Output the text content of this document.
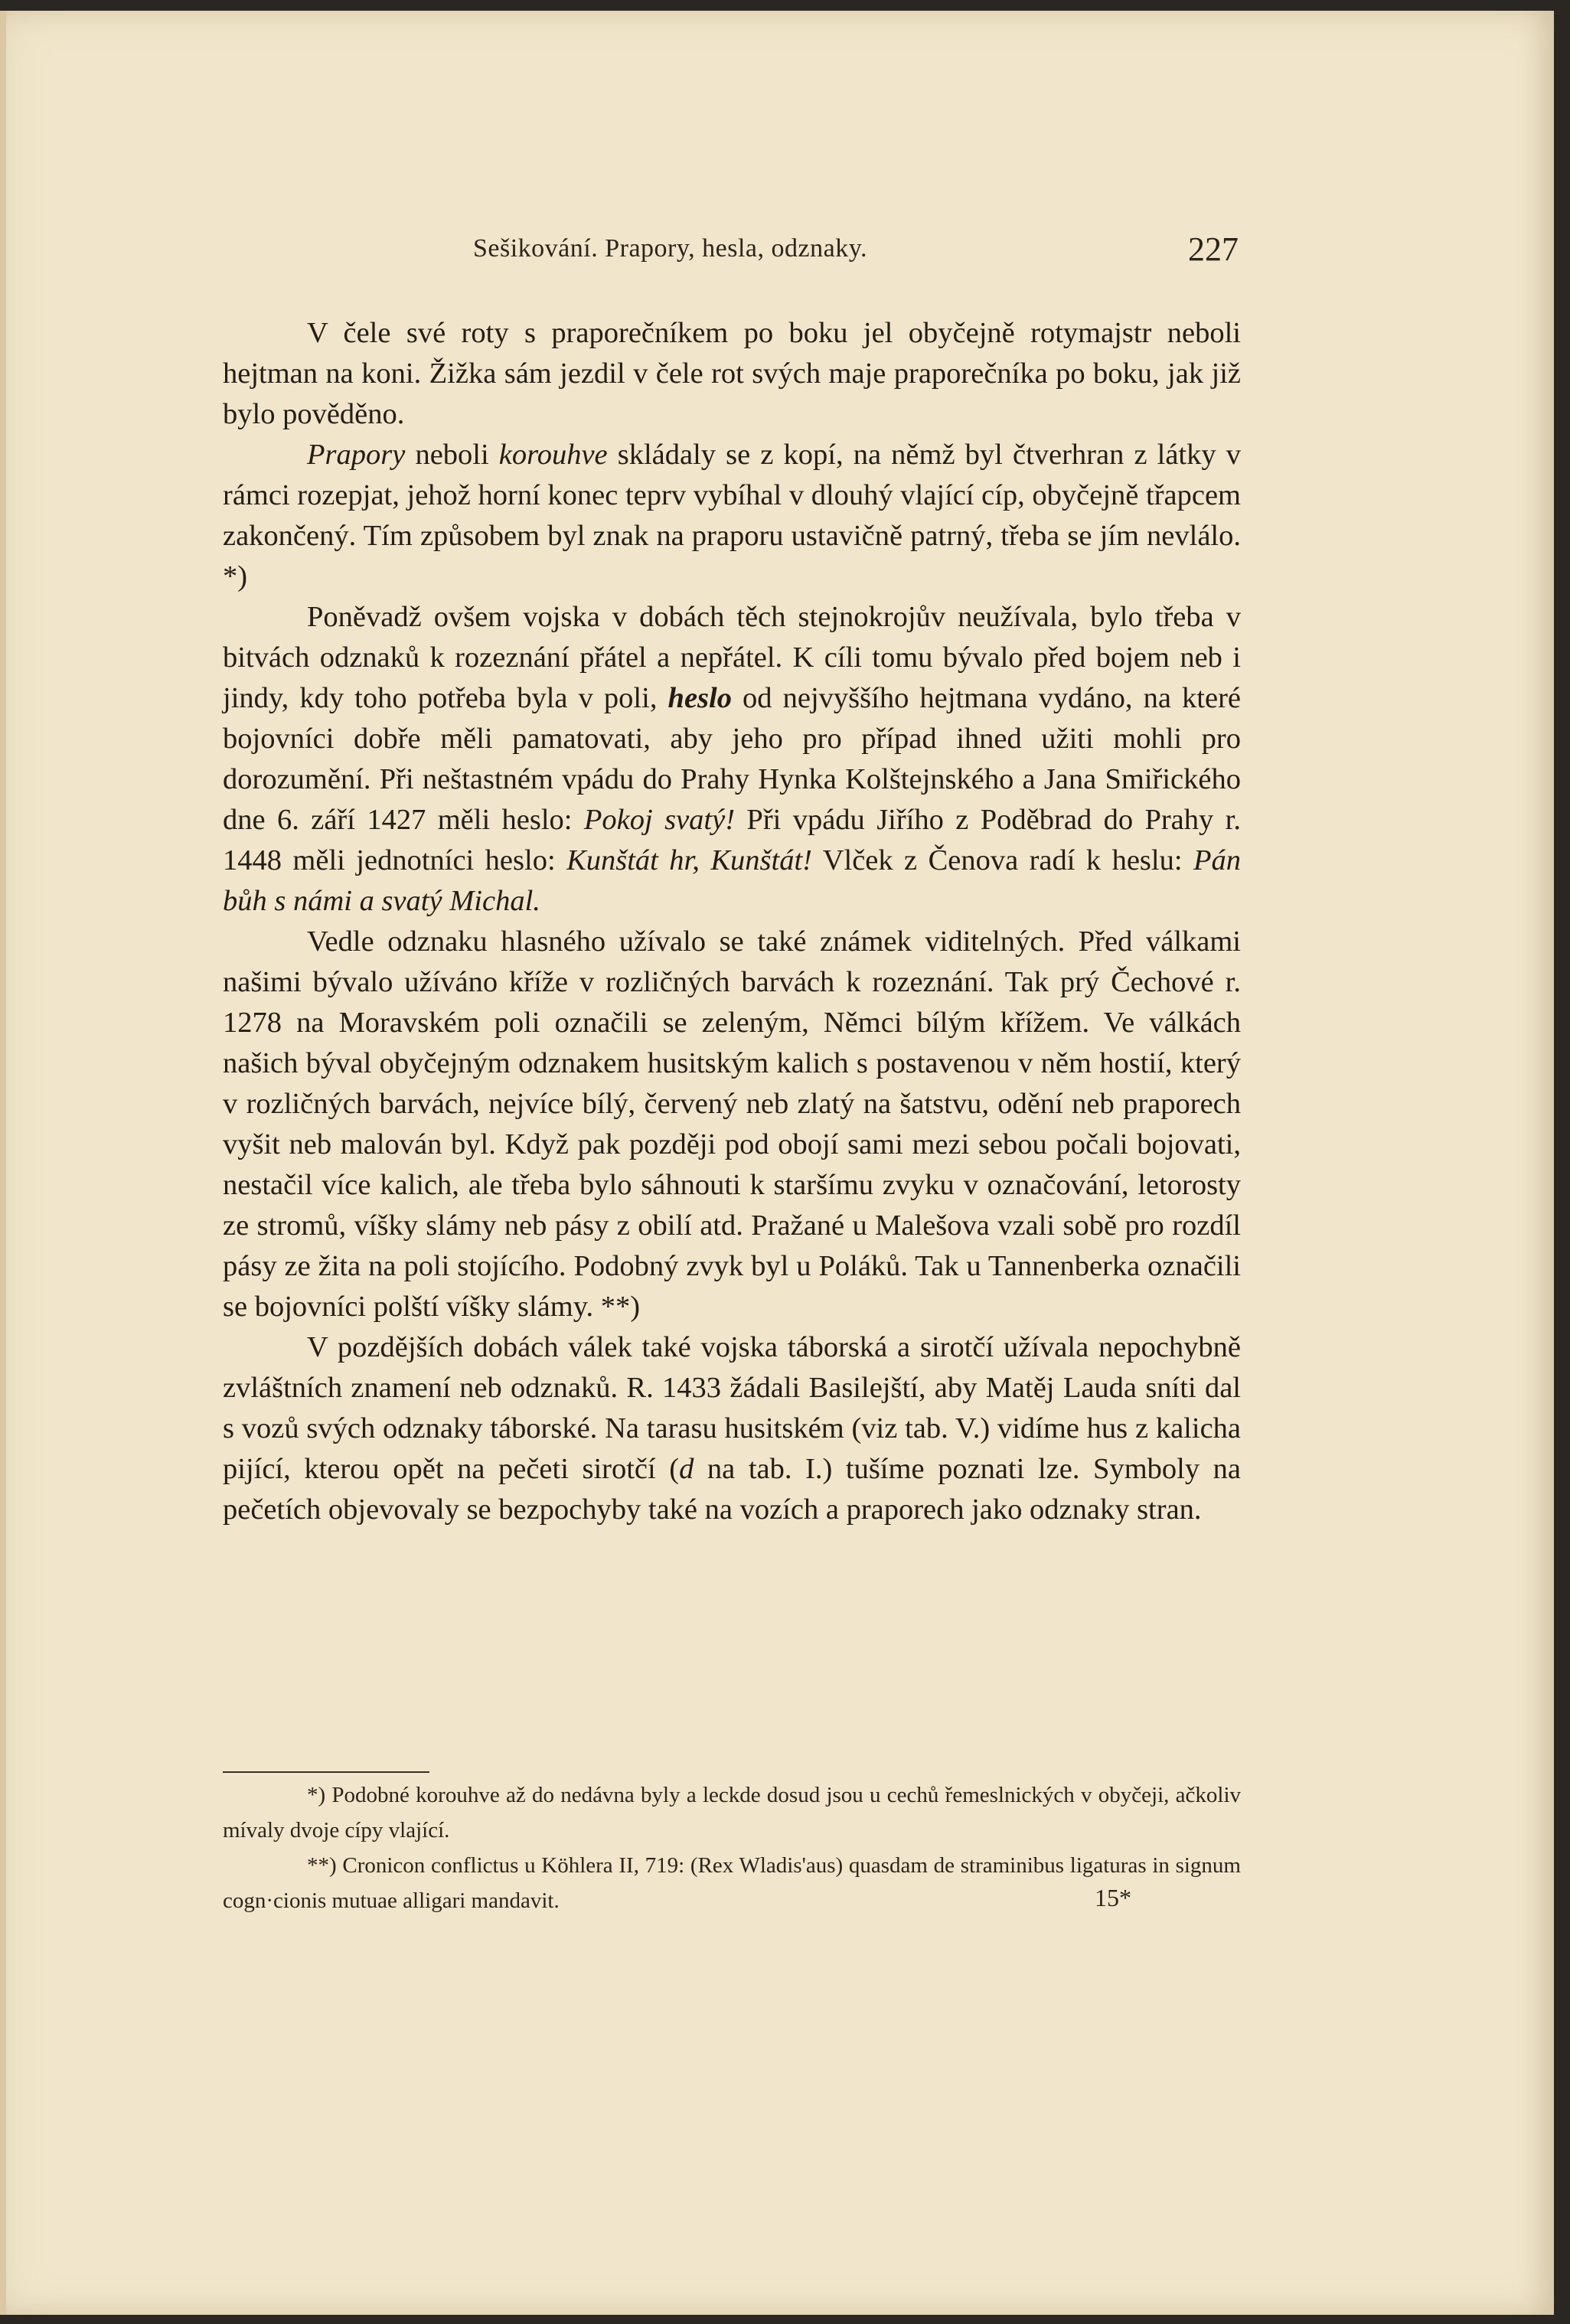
Sešikování. Prapory, hesla, odznaky.	227

V čele své roty s praporečníkem po boku jel obyčejně rotymajstr neboli hejtman na koni. Žižka sám jezdil v čele rot svých maje praporečníka po boku, jak již bylo pověděno.

Prapory neboli korouhve skládaly se z kopí, na němž byl čtverhran z látky v rámci rozepjat, jehož horní konec teprv vybíhal v dlouhý vlající cíp, obyčejně třapcem zakončený. Tím způsobem byl znak na praporu ustavičně patrný, třeba se jím nevlálo. *)

Poněvadž ovšem vojska v dobách těch stejnokrojův neužívala, bylo třeba v bitvách odznaků k rozeznání přátel a nepřátel. K cíli tomu bývalo před bojem neb i jindy, kdy toho potřeba byla v poli, heslo od nejvyššího hejtmana vydáno, na které bojovníci dobře měli pamatovati, aby jeho pro případ ihned užiti mohli pro dorozumění. Při neštastném vpádu do Prahy Hynka Kolštejnského a Jana Smiřického dne 6. září 1427 měli heslo: Pokoj svatý! Při vpádu Jiřího z Poděbrad do Prahy r. 1448 měli jednotníci heslo: Kunštát hr, Kunštát! Vlček z Čenova radí k heslu: Pán bůh s námi a svatý Michal.

Vedle odznaku hlasného užívalo se také známek viditelných. Před válkami našimi bývalo užíváno kříže v rozličných barvách k rozeznání. Tak prý Čechové r. 1278 na Moravském poli označili se zeleným, Němci bílým křížem. Ve válkách našich býval obyčejným odznakem husitským kalich s postavenou v něm hostií, který v rozličných barvách, nejvíce bílý, červený neb zlatý na šatstvu, odění neb praporech vyšit neb malován byl. Když pak později pod obojí sami mezi sebou počali bojovati, nestačil více kalich, ale třeba bylo sáhnouti k staršímu zvyku v označování, letorosty ze stromů, víšky slámy neb pásy z obilí atd. Pražané u Malešova vzali sobě pro rozdíl pásy ze žita na poli stojícího. Podobný zvyk byl u Poláků. Tak u Tannenberka označili se bojovníci polští víšky slámy. **)

V pozdějších dobách válek také vojska táborská a sirotčí užívala nepochybně zvláštních znamení neb odznaků. R. 1433 žádali Basilejští, aby Matěj Lauda sníti dal s vozů svých odznaky táborské. Na tarasu husitském (viz tab. V.) vidíme hus z kalicha pijící, kterou opět na pečeti sirotčí (d na tab. I.) tušíme poznati lze. Symboly na pečetích objevovaly se bezpochyby také na vozích a praporech jako odznaky stran.

*) Podobné korouhve až do nedávna byly a leckde dosud jsou u cechů řemeslnických v obyčeji, ačkoliv mívaly dvoje cípy vlající.

**) Cronicon conflictus u Köhlera II, 719: (Rex Wladis'aus) quasdam de straminibus ligaturas in signum cogn·cionis mutuae alligari mandavit.	15*
